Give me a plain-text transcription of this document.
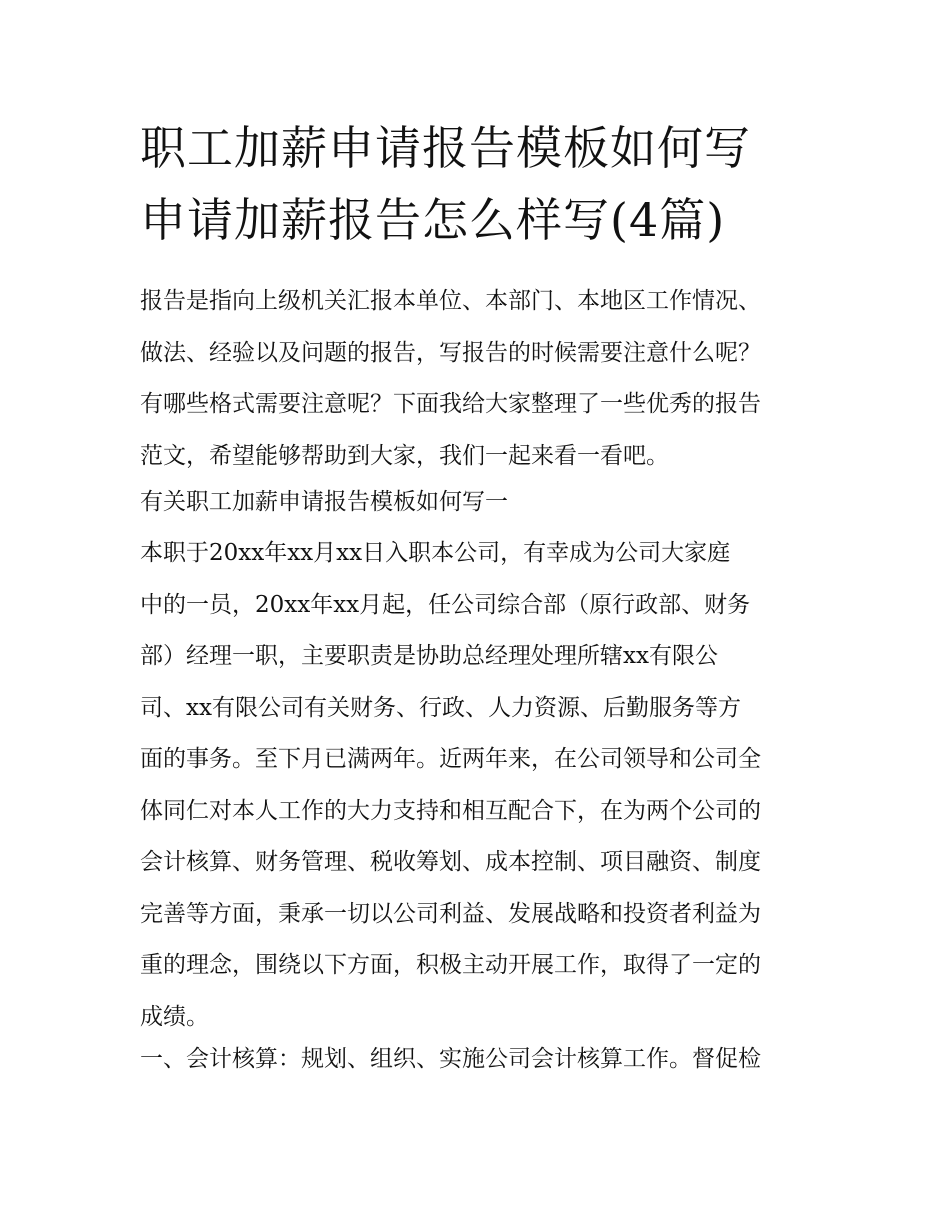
职工加薪申请报告模板如何写
申请加薪报告怎么样写(4篇)

报告是指向上级机关汇报本单位、本部门、本地区工作情况、
做法、经验以及问题的报告，写报告的时候需要注意什么呢？
有哪些格式需要注意呢？下面我给大家整理了一些优秀的报告
范文，希望能够帮助到大家，我们一起来看一看吧。

有关职工加薪申请报告模板如何写一

本职于20xx年xx月xx日入职本公司，有幸成为公司大家庭
中的一员，20xx年xx月起，任公司综合部（原行政部、财务
部）经理一职，主要职责是协助总经理处理所辖xx有限公
司、xx有限公司有关财务、行政、人力资源、后勤服务等方
面的事务。至下月已满两年。近两年来，在公司领导和公司全
体同仁对本人工作的大力支持和相互配合下，在为两个公司的
会计核算、财务管理、税收筹划、成本控制、项目融资、制度
完善等方面，秉承一切以公司利益、发展战略和投资者利益为
重的理念，围绕以下方面，积极主动开展工作，取得了一定的
成绩。

一、会计核算：规划、组织、实施公司会计核算工作。督促检
